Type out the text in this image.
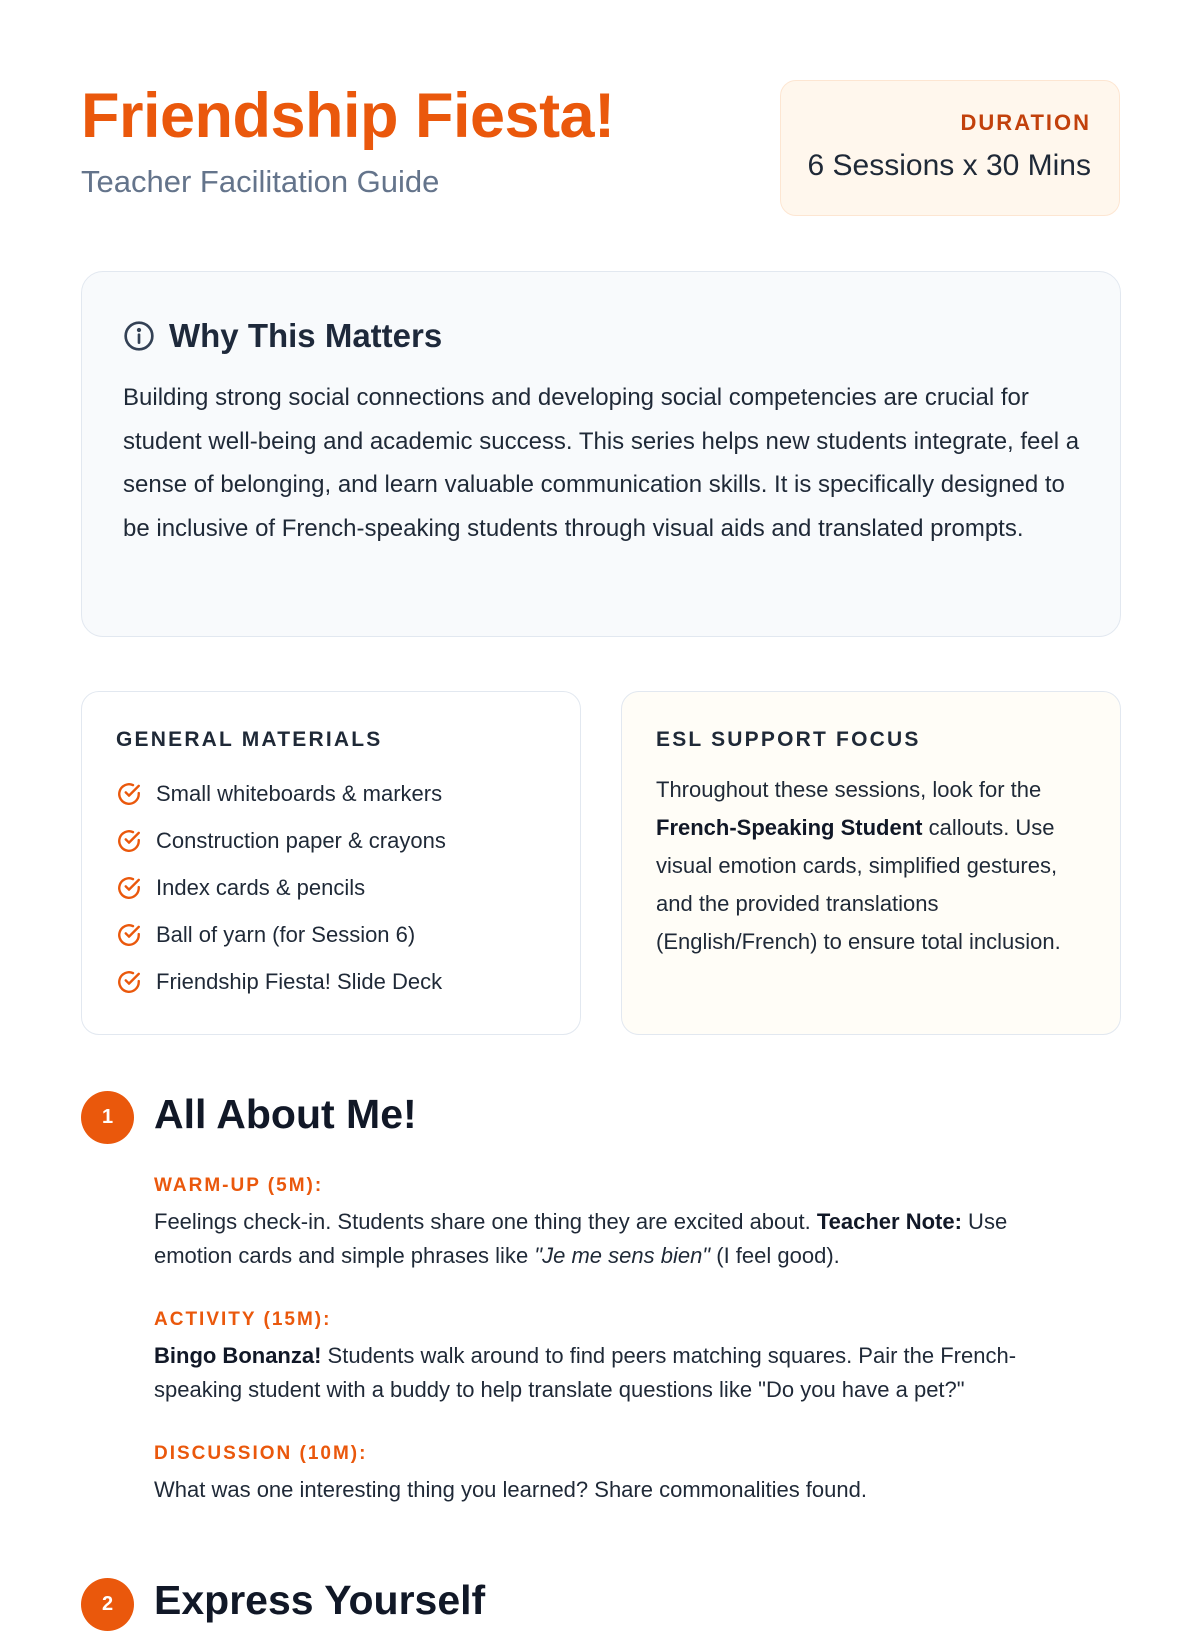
Friendship Fiesta!
Teacher Facilitation Guide
DURATION
6 Sessions x 30 Mins
Why This Matters

Building strong social connections and developing social competencies are crucial for student well-being and academic success. This series helps new students integrate, feel a sense of belonging, and learn valuable communication skills. It is specifically designed to be inclusive of French-speaking students through visual aids and translated prompts.

GENERAL MATERIALS
Small whiteboards & markers
Construction paper & crayons
Index cards & pencils
Ball of yarn (for Session 6)
Friendship Fiesta! Slide Deck
ESL SUPPORT FOCUS

Throughout these sessions, look for the French-Speaking Student callouts. Use visual emotion cards, simplified gestures, and the provided translations (English/French) to ensure total inclusion.

1 All About Me!
WARM-UP (5M):

Feelings check-in. Students share one thing they are excited about. Teacher Note: Use emotion cards and simple phrases like "Je me sens bien" (I feel good).

ACTIVITY (15M):

Bingo Bonanza! Students walk around to find peers matching squares. Pair the French-speaking student with a buddy to help translate questions like "Do you have a pet?"

DISCUSSION (10M):

What was one interesting thing you learned? Share commonalities found.

2 Express Yourself
